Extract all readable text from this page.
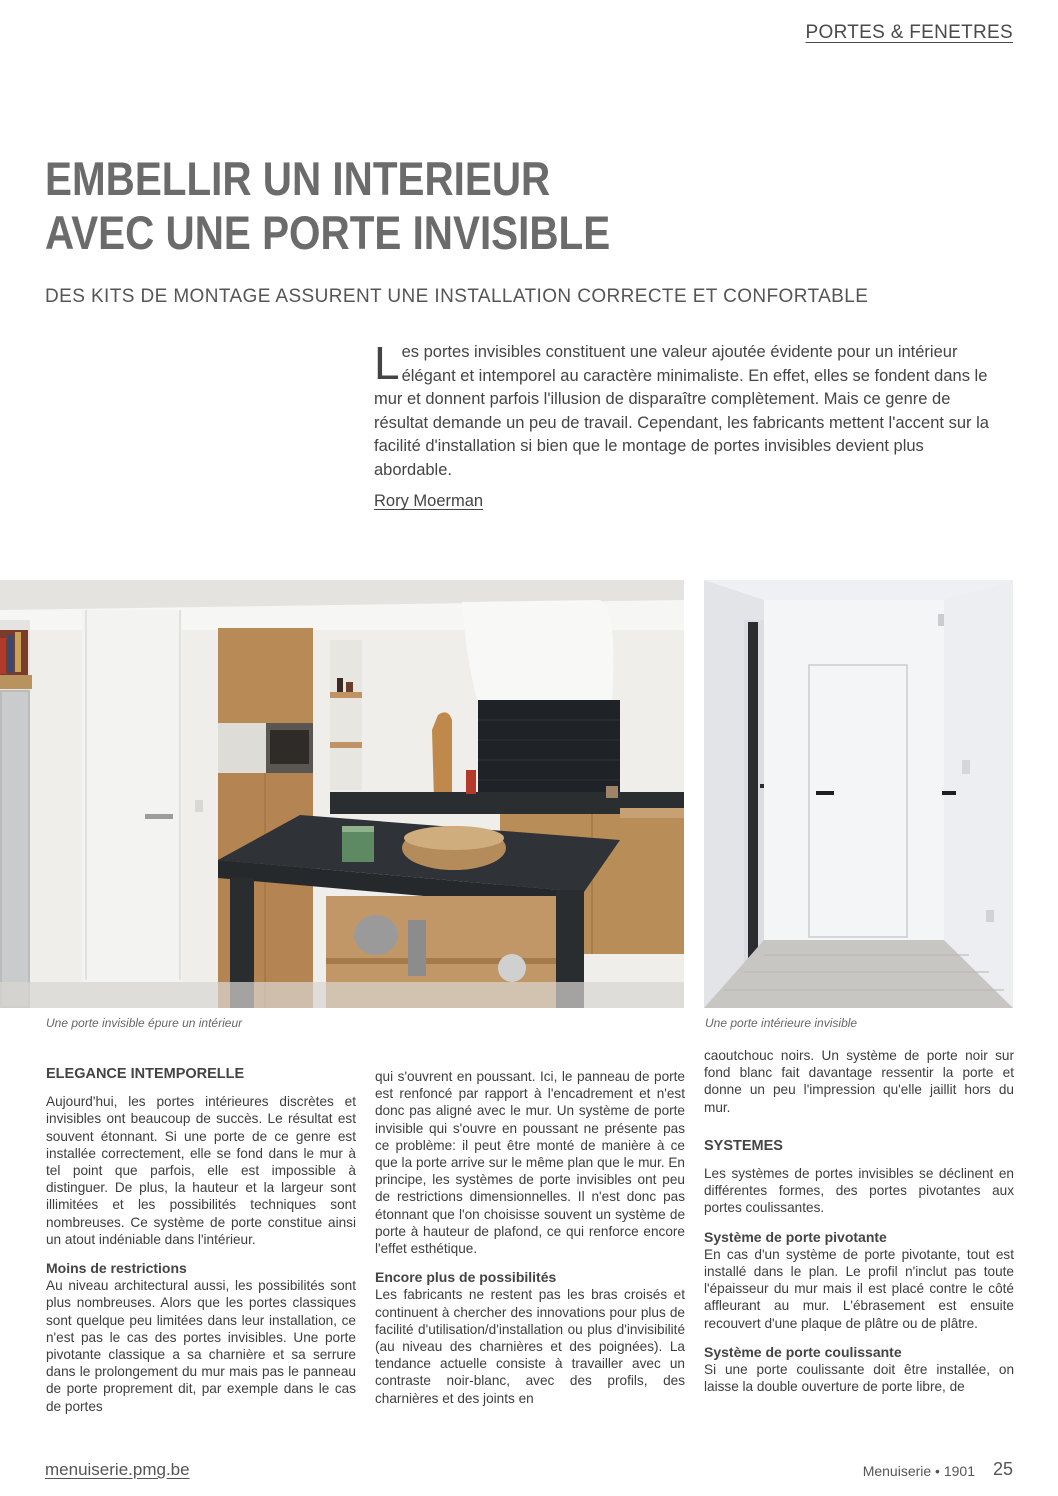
PORTES & FENETRES
EMBELLIR UN INTERIEUR
AVEC UNE PORTE INVISIBLE
DES KITS DE MONTAGE ASSURENT UNE INSTALLATION CORRECTE ET CONFORTABLE
Les portes invisibles constituent une valeur ajoutée évidente pour un intérieur élégant et intemporel au caractère minimaliste. En effet, elles se fondent dans le mur et donnent parfois l'illusion de disparaître complètement. Mais ce genre de résultat demande un peu de travail. Cependant, les fabricants mettent l'accent sur la facilité d'installation si bien que le montage de portes invisibles devient plus abordable.
Rory Moerman
Une porte invisible épure un intérieur	Une porte intérieure invisible
ELEGANCE INTEMPORELLE

Aujourd'hui, les portes intérieures discrètes et invisibles ont beaucoup de succès. Le résultat est souvent étonnant. Si une porte de ce genre est installée correctement, elle se fond dans le mur à tel point que parfois, elle est impossible à distinguer. De plus, la hauteur et la largeur sont illimitées et les possibilités techniques sont nombreuses. Ce système de porte constitue ainsi un atout indéniable dans l'intérieur.

Moins de restrictions

Au niveau architectural aussi, les possibilités sont plus nombreuses. Alors que les portes classiques sont quelque peu limitées dans leur installation, ce n'est pas le cas des portes invisibles. Une porte pivotante classique a sa charnière et sa serrure dans le prolongement du mur mais pas le panneau de porte proprement dit, par exemple dans le cas de portes

qui s'ouvrent en poussant. Ici, le panneau de porte est renfoncé par rapport à l'encadrement et n'est donc pas aligné avec le mur. Un système de porte invisible qui s'ouvre en poussant ne présente pas ce problème: il peut être monté de manière à ce que la porte arrive sur le même plan que le mur. En principe, les systèmes de porte invisibles ont peu de restrictions dimensionnelles. Il n'est donc pas étonnant que l'on choisisse souvent un système de porte à hauteur de plafond, ce qui renforce encore l'effet esthétique.

Encore plus de possibilités

Les fabricants ne restent pas les bras croisés et continuent à chercher des innovations pour plus de facilité d'utilisation/d'installation ou plus d'invisibilité (au niveau des charnières et des poignées). La tendance actuelle consiste à travailler avec un contraste noir-blanc, avec des profils, des charnières et des joints en

caoutchouc noirs. Un système de porte noir sur fond blanc fait davantage ressentir la porte et donne un peu l'impression qu'elle jaillit hors du mur.

SYSTEMES

Les systèmes de portes invisibles se déclinent en différentes formes, des portes pivotantes aux portes coulissantes.

Système de porte pivotante

En cas d'un système de porte pivotante, tout est installé dans le plan. Le profil n'inclut pas toute l'épaisseur du mur mais il est placé contre le côté affleurant au mur. L'ébrasement est ensuite recouvert d'une plaque de plâtre ou de plâtre.

Système de porte coulissante

Si une porte coulissante doit être installée, on laisse la double ouverture de porte libre, de

menuiserie.pmg.be	Menuiserie • 1901 25
